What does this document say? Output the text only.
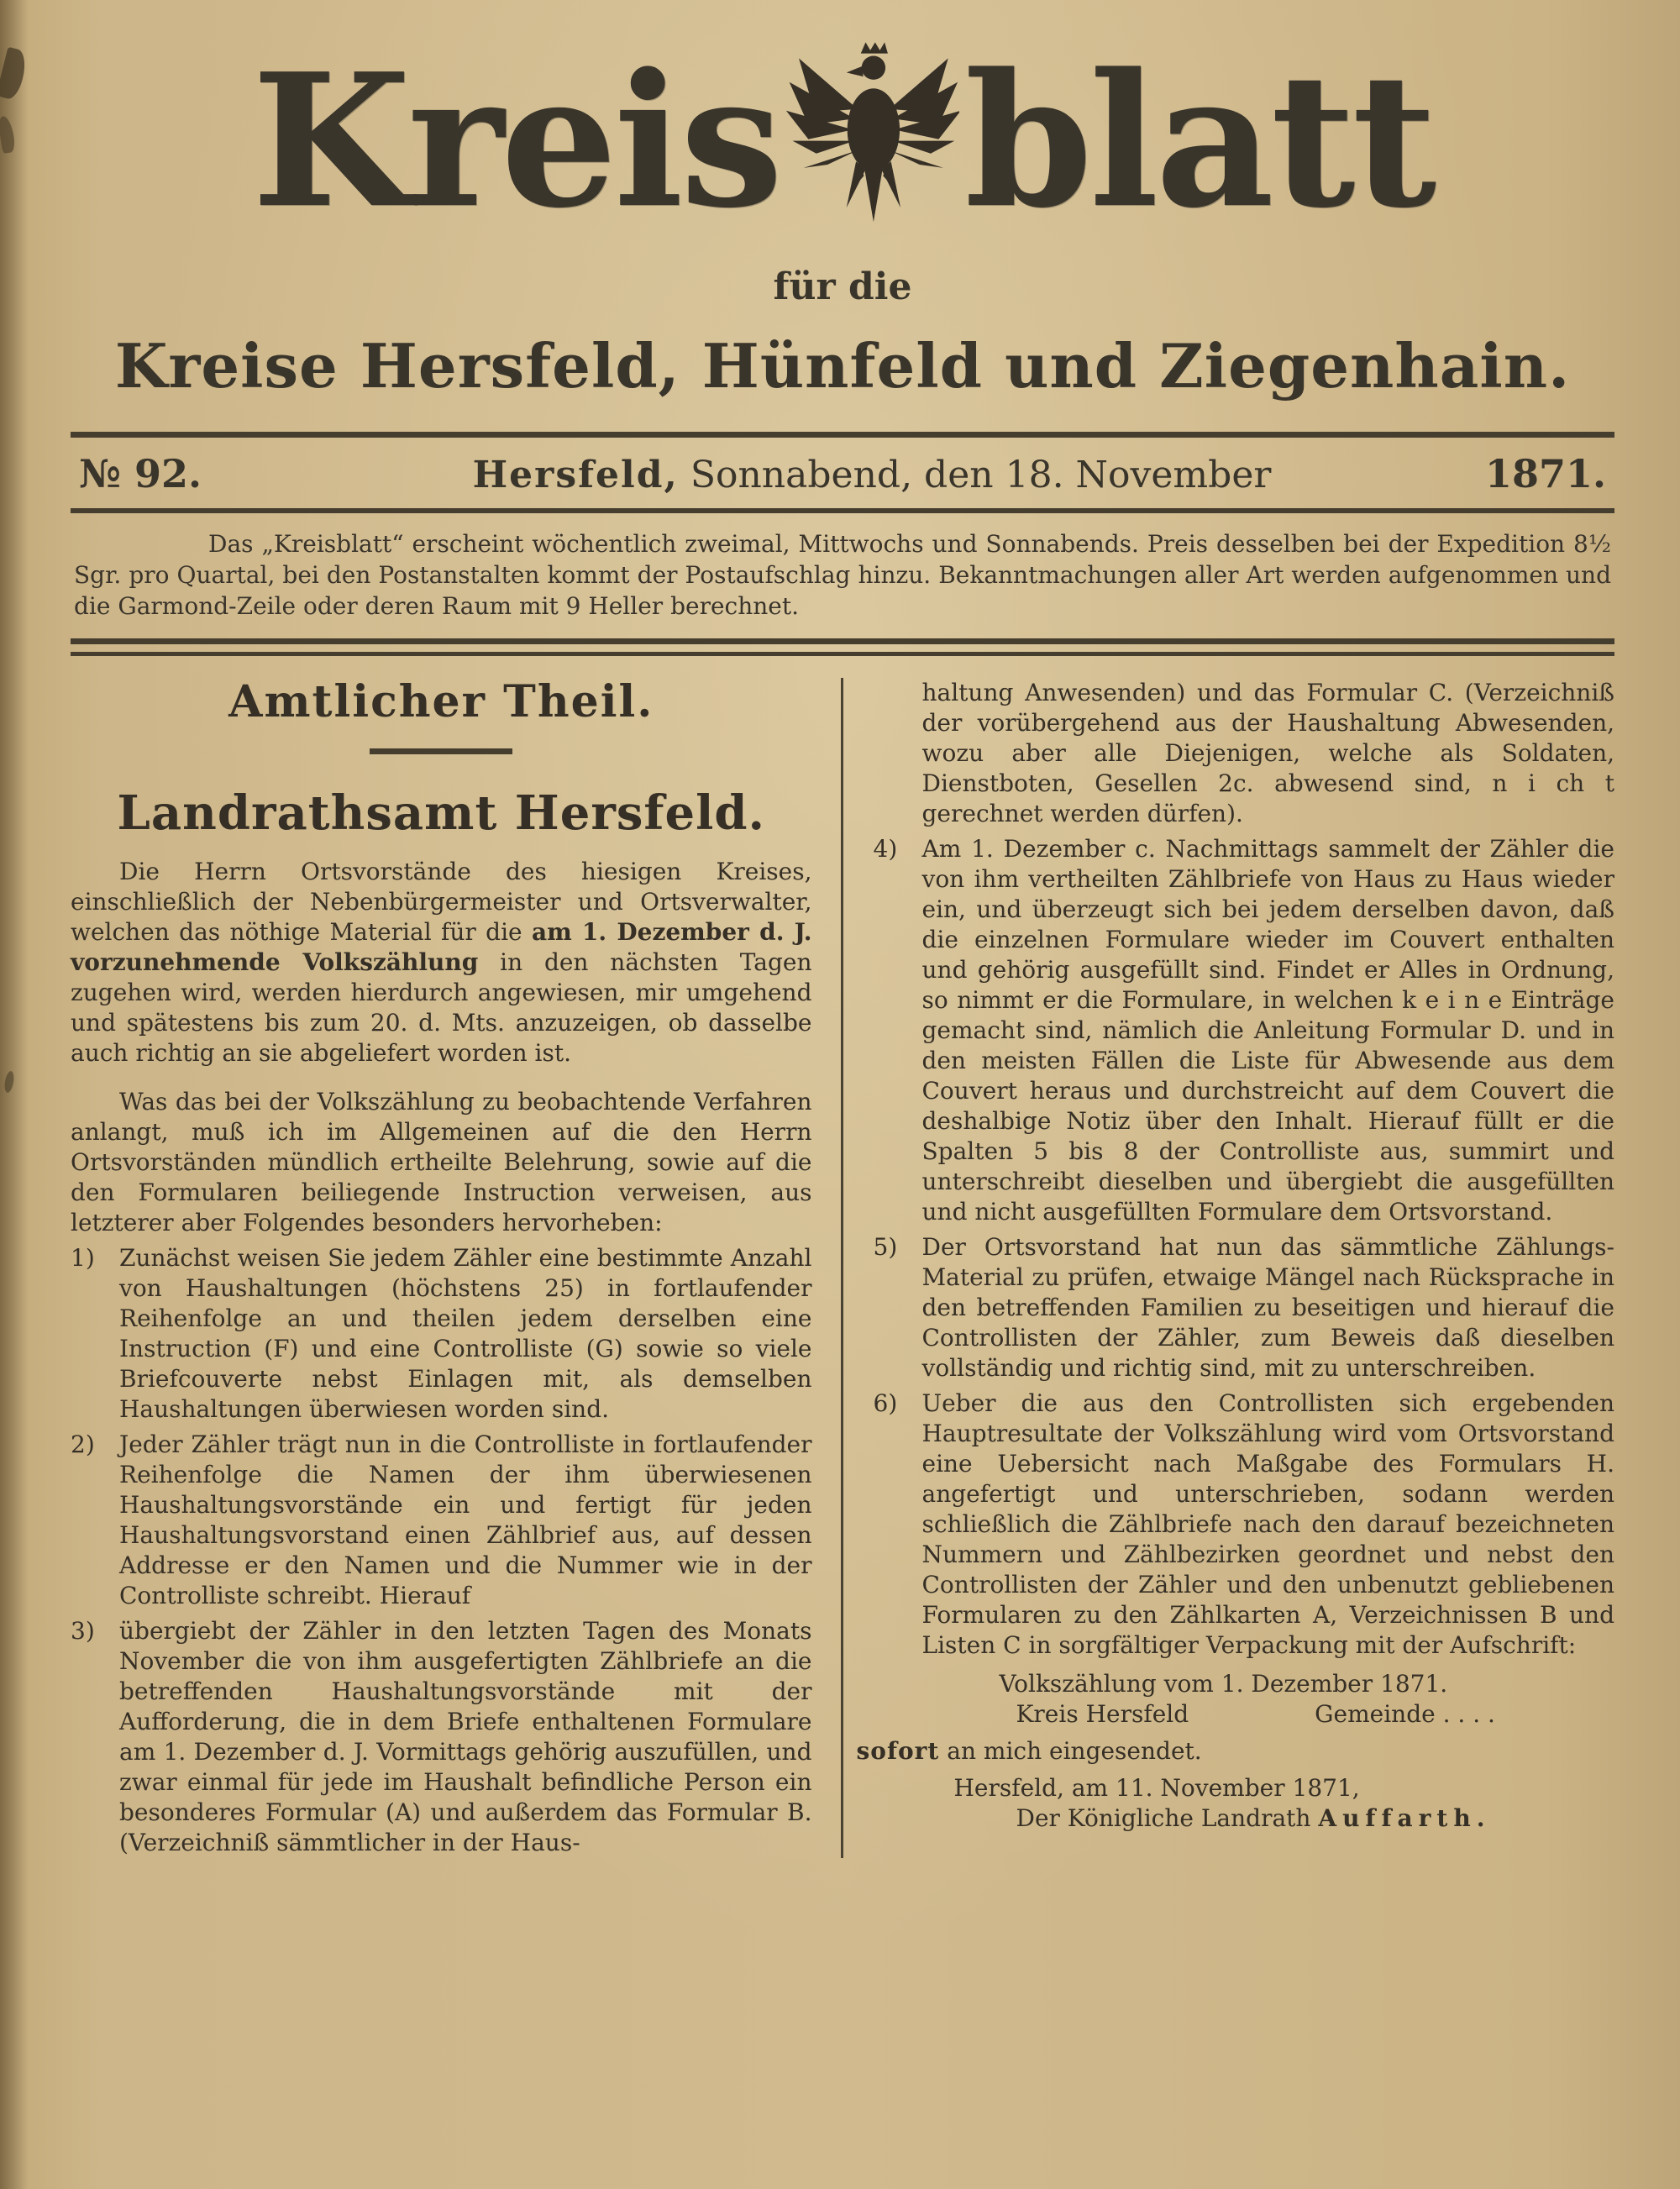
Kreis blatt
für die
Kreise Hersfeld, Hünfeld und Ziegenhain.
№ 92.	Hersfeld, Sonnabend, den 18. November	1871.
Das „Kreisblatt“ erscheint wöchentlich zweimal, Mittwochs und Sonnabends. Preis desselben bei der Expedition 8½ Sgr. pro Quartal, bei den Postanstalten kommt der Postaufschlag hinzu. Bekanntmachungen aller Art werden aufgenommen und die Garmond-Zeile oder deren Raum mit 9 Heller berechnet.
Amtlicher Theil.
Landrathsamt Hersfeld.
Die Herrn Ortsvorstände des hiesigen Kreises, einschließlich der Nebenbürgermeister und Ortsverwalter, welchen das nöthige Material für die am 1. Dezember d. J. vorzunehmende Volkszählung in den nächsten Tagen zugehen wird, werden hierdurch angewiesen, mir umgehend und spätestens bis zum 20. d. Mts. anzuzeigen, ob dasselbe auch richtig an sie abgeliefert worden ist.
Was das bei der Volkszählung zu beobachtende Verfahren anlangt, muß ich im Allgemeinen auf die den Herrn Ortsvorständen mündlich ertheilte Belehrung, sowie auf die den Formularen beiliegende Instruction verweisen, aus letzterer aber Folgendes besonders hervorheben:
1)	Zunächst weisen Sie jedem Zähler eine bestimmte Anzahl von Haushaltungen (höchstens 25) in fortlaufender Reihenfolge an und theilen jedem derselben eine Instruction (F) und eine Controlliste (G) sowie so viele Briefcouverte nebst Einlagen mit, als demselben Haushaltungen überwiesen worden sind.
2)	Jeder Zähler trägt nun in die Controlliste in fortlaufender Reihenfolge die Namen der ihm überwiesenen Haushaltungsvorstände ein und fertigt für jeden Haushaltungsvorstand einen Zählbrief aus, auf dessen Addresse er den Namen und die Nummer wie in der Controlliste schreibt. Hierauf
3)	übergiebt der Zähler in den letzten Tagen des Monats November die von ihm ausgefertigten Zählbriefe an die betreffenden Haushaltungsvorstände mit der Aufforderung, die in dem Briefe enthaltenen Formulare am 1. Dezember d. J. Vormittags gehörig auszufüllen, und zwar einmal für jede im Haushalt befindliche Person ein besonderes Formular (A) und außerdem das Formular B. (Verzeichniß sämmtlicher in der Haus-
haltung Anwesenden) und das Formular C. (Verzeichniß der vorübergehend aus der Haushaltung Abwesenden, wozu aber alle Diejenigen, welche als Soldaten, Dienstboten, Gesellen 2c. abwesend sind, n i ch t gerechnet werden dürfen).
4)	Am 1. Dezember c. Nachmittags sammelt der Zähler die von ihm vertheilten Zählbriefe von Haus zu Haus wieder ein, und überzeugt sich bei jedem derselben davon, daß die einzelnen Formulare wieder im Couvert enthalten und gehörig ausgefüllt sind. Findet er Alles in Ordnung, so nimmt er die Formulare, in welchen k e i n e Einträge gemacht sind, nämlich die Anleitung Formular D. und in den meisten Fällen die Liste für Abwesende aus dem Couvert heraus und durchstreicht auf dem Couvert die deshalbige Notiz über den Inhalt. Hierauf füllt er die Spalten 5 bis 8 der Controlliste aus, summirt und unterschreibt dieselben und übergiebt die ausgefüllten und nicht ausgefüllten Formulare dem Ortsvorstand.
5)	Der Ortsvorstand hat nun das sämmtliche Zählungs-Material zu prüfen, etwaige Mängel nach Rücksprache in den betreffenden Familien zu beseitigen und hierauf die Controllisten der Zähler, zum Beweis daß dieselben vollständig und richtig sind, mit zu unterschreiben.
6)	Ueber die aus den Controllisten sich ergebenden Hauptresultate der Volkszählung wird vom Ortsvorstand eine Uebersicht nach Maßgabe des Formulars H. angefertigt und unterschrieben, sodann werden schließlich die Zählbriefe nach den darauf bezeichneten Nummern und Zählbezirken geordnet und nebst den Controllisten der Zähler und den unbenutzt gebliebenen Formularen zu den Zählkarten A, Verzeichnissen B und Listen C in sorgfältiger Verpackung mit der Aufschrift:
Volkszählung vom 1. Dezember 1871.
Kreis Hersfeld	Gemeinde . . . .
sofort an mich eingesendet.
Hersfeld, am 11. November 1871,
Der Königliche Landrath Auffarth.
